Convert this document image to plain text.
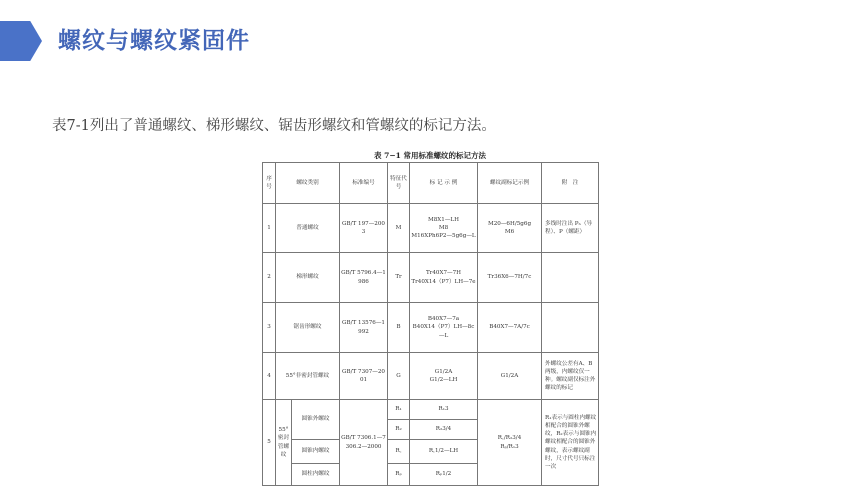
螺纹与螺纹紧固件
表7-1列出了普通螺纹、梯形螺纹、锯齿形螺纹和管螺纹的标记方法。
表 7−1 常用标准螺纹的标记方法
序号	螺纹类别		标准编号	特征代号	标 记 示 例	螺纹副标记示例	附　注
1	普通螺纹		GB/T 197—2003	M	M8X1—LH
M8
M16XPh6P2—5g6g—L	M20—6H/5g6g
M6	多线时注出 Pₕ（导程）、P（螺距）
2	梯形螺纹		GB/T 5796.4—1986	Tr	Tr40X7—7H
Tr40X14（P7）LH—7e	Tr36X6—7H/7c	
3	锯齿形螺纹		GB/T 13576—1992	B	B40X7—7a
B40X14（P7）LH—8c—L	B40X7—7A/7c	
4	55°非密封管螺纹		GB/T 7307—2001	G	G1/2A
G1/2—LH	G1/2A	外螺纹公差有A、B两级，内螺纹仅一种。螺纹副仅标注外螺纹的标记
5	55°密封管螺纹	圆锥外螺纹	GB/T 7306.1—7306.2—2000	R₁	R₁3	R꜀/R₂3/4
Rₚ/R₁3	R₁表示与圆柱内螺纹相配合的圆锥外螺纹，R₂表示与圆锥内螺纹相配合的圆锥外螺纹，表示螺纹副时，尺寸代号只标注一次
				R₂	R₂3/4		
		圆锥内螺纹		R꜀	R꜀1/2—LH		
		圆柱内螺纹		Rₚ	Rₚ1/2		
